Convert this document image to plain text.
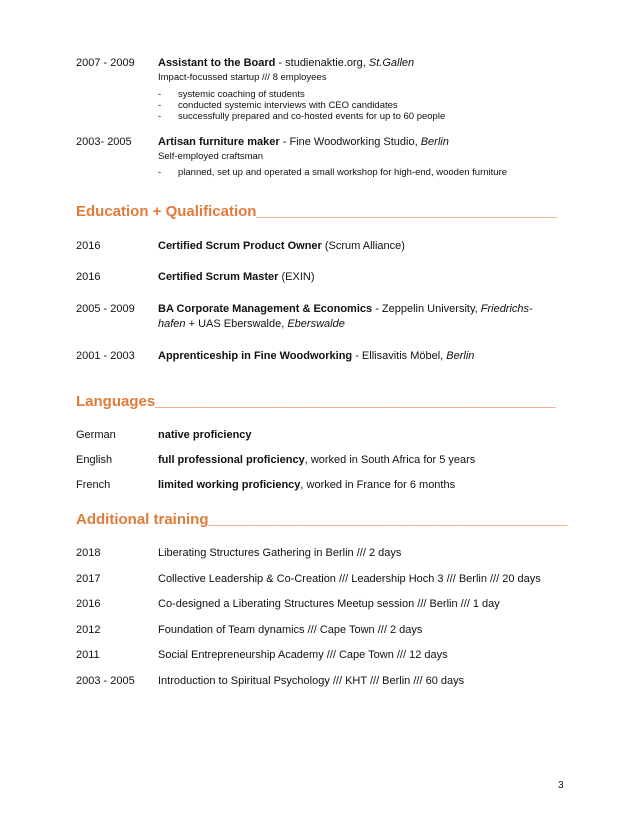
2007 - 2009 Assistant to the Board - studienaktie.org, St.Gallen
Impact-focussed startup /// 8 employees
- systemic coaching of students
- conducted systemic interviews with CEO candidates
- successfully prepared and co-hosted events for up to 60 people
2003- 2005 Artisan furniture maker - Fine Woodworking Studio, Berlin
Self-employed craftsman
- planned, set up and operated a small workshop for high-end, wooden furniture
Education + Qualification____________________________________
2016	Certified Scrum Product Owner (Scrum Alliance)
2016	Certified Scrum Master (EXIN)
2005 - 2009 BA Corporate Management & Economics - Zeppelin University, Friedrichs-
hafen + UAS Eberswalde, Eberswalde
2001 - 2003 Apprenticeship in Fine Woodworking - Ellisavitis Möbel, Berlin
Languages________________________________________________
German	native proficiency
English	full professional proficiency, worked in South Africa for 5 years
French	limited working proficiency, worked in France for 6 months
Additional training___________________________________________
2018	Liberating Structures Gathering in Berlin /// 2 days
2017	Collective Leadership & Co-Creation /// Leadership Hoch 3 /// Berlin /// 20 days
2016	Co-designed a Liberating Structures Meetup session /// Berlin /// 1 day
2012	Foundation of Team dynamics /// Cape Town /// 2 days
2011	Social Entrepreneurship Academy /// Cape Town /// 12 days
2003 - 2005 Introduction to Spiritual Psychology /// KHT /// Berlin /// 60 days
3
